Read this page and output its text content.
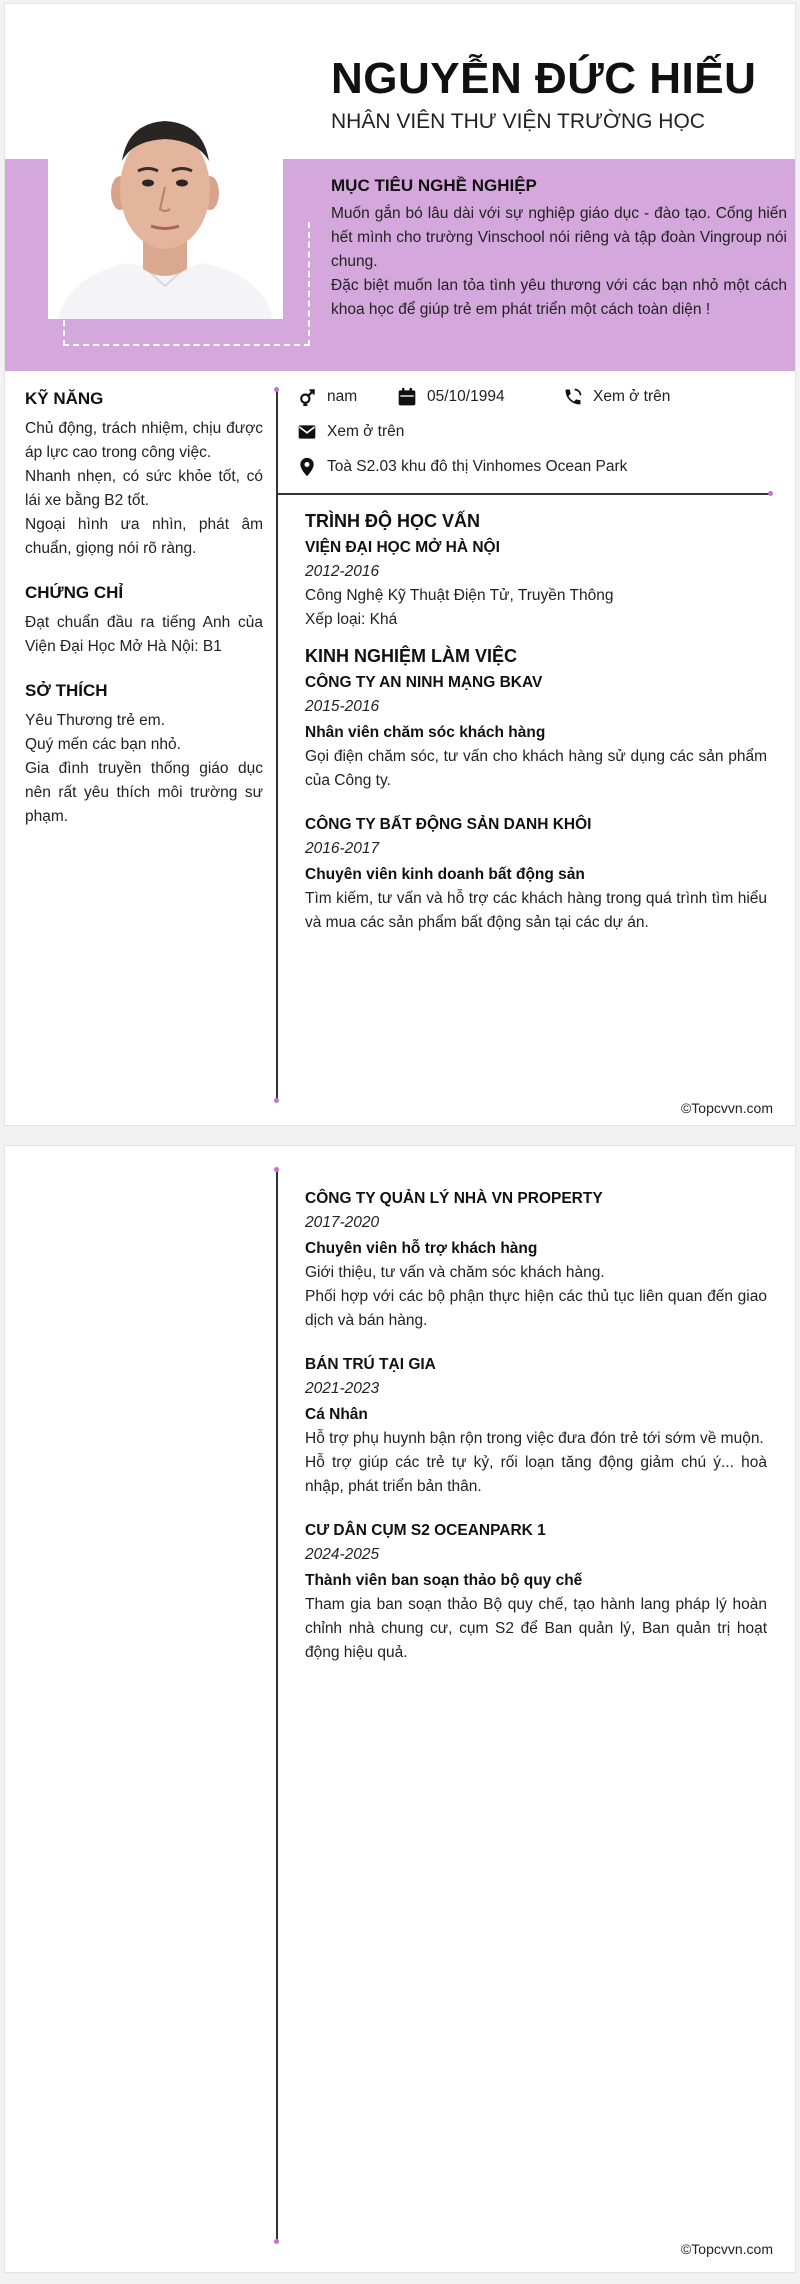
NGUYỄN ĐỨC HIẾU
NHÂN VIÊN THƯ VIỆN TRƯỜNG HỌC
MỤC TIÊU NGHỀ NGHIỆP

Muốn gắn bó lâu dài với sự nghiệp giáo dục - đào tạo. Cống hiến hết mình cho trường Vinschool nói riêng và tập đoàn Vingroup nói chung.

Đặc biệt muốn lan tỏa tình yêu thương với các bạn nhỏ một cách khoa học để giúp trẻ em phát triển một cách toàn diện !

KỸ NĂNG

Chủ động, trách nhiệm, chịu được áp lực cao trong công việc.

Nhanh nhẹn, có sức khỏe tốt, có lái xe bằng B2 tốt.

Ngoại hình ưa nhìn, phát âm chuẩn, giọng nói rõ ràng.

CHỨNG CHỈ

Đạt chuẩn đầu ra tiếng Anh của Viện Đại Học Mở Hà Nội: B1

SỞ THÍCH

Yêu Thương trẻ em.

Quý mến các bạn nhỏ.

Gia đình truyền thống giáo dục nên rất yêu thích môi trường sư phạm.

nam	05/10/1994	Xem ở trên
Xem ở trên
Toà S2.03 khu đô thị Vinhomes Ocean Park
TRÌNH ĐỘ HỌC VẤN
VIỆN ĐẠI HỌC MỞ HÀ NỘI
2012-2016

Công Nghệ Kỹ Thuật Điện Tử, Truyền Thông

Xếp loại: Khá

KINH NGHIỆM LÀM VIỆC
CÔNG TY AN NINH MẠNG BKAV
2015-2016
Nhân viên chăm sóc khách hàng

Gọi điện chăm sóc, tư vấn cho khách hàng sử dụng các sản phẩm của Công ty.

CÔNG TY BẤT ĐỘNG SẢN DANH KHÔI
2016-2017
Chuyên viên kinh doanh bất động sản

Tìm kiếm, tư vấn và hỗ trợ các khách hàng trong quá trình tìm hiểu và mua các sản phẩm bất động sản tại các dự án.

©Topcvvn.com
CÔNG TY QUẢN LÝ NHÀ VN PROPERTY
2017-2020
Chuyên viên hỗ trợ khách hàng

Giới thiệu, tư vấn và chăm sóc khách hàng.

Phối hợp với các bộ phận thực hiện các thủ tục liên quan đến giao dịch và bán hàng.

BÁN TRÚ TẠI GIA
2021-2023
Cá Nhân

Hỗ trợ phụ huynh bận rộn trong việc đưa đón trẻ tới sớm về muộn.

Hỗ trợ giúp các trẻ tự kỷ, rối loạn tăng động giảm chú ý... hoà nhập, phát triển bản thân.

CƯ DÂN CỤM S2 OCEANPARK 1
2024-2025
Thành viên ban soạn thảo bộ quy chế

Tham gia ban soạn thảo Bộ quy chế, tạo hành lang pháp lý hoàn chỉnh nhà chung cư, cụm S2 để Ban quản lý, Ban quản trị hoạt động hiệu quả.

©Topcvvn.com
